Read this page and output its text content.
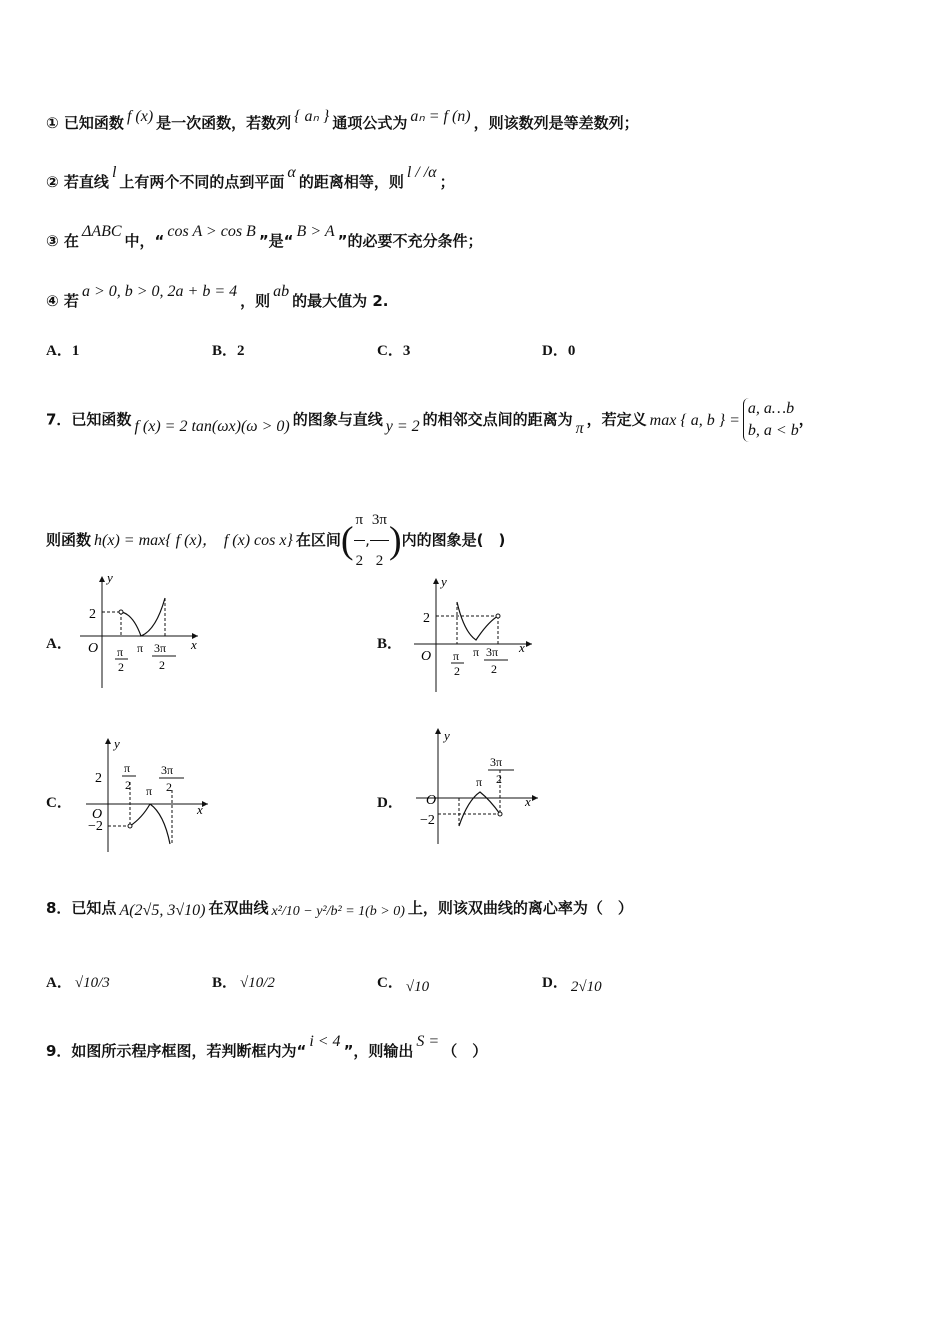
① 已知函数 f (x) 是一次函数，若数列 { aₙ } 通项公式为 aₙ = f (n) ，则该数列是等差数列；
② 若直线l上有两个不同的点到平面α的距离相等，则l / /α；
③ 在ΔABC中，“cos A > cos B”是“B > A”的必要不充分条件；
④ 若a > 0, b > 0, 2a + b = 4，则ab的最大值为 2.
A．1	B．2	C．3	D．0
7．已知函数 f (x) = 2 tan(ωx)(ω > 0) 的图象与直线 y = 2 的相邻交点间的距离为 π ，若定义 max { a, b } =
a, a…b
b, a < b
，
则函数 h(x) = max{ f (x)， f (x) cos x} 在区间( $\frac{\pi}{2}$ , $\frac{3\pi}{2}$ )内的图象是(　)
A．
y
x
O
2
π
2
π 3π
2
B．
y
x
O
2
π
2
π 3π
2
C．
y
x
O
2
−2
π
2 π
3π
2
D．
y
x
O
−2
π
3π
2
8．已知点 A(2√5, 3√10) 在双曲线 x²/10 − y²/b² = 1(b > 0) 上，则该双曲线的离心率为（　）
A． √10/3	B． √10/2	C． √10	D． 2√10
9．如图所示程序框图，若判断框内为“i < 4”，则输出S =（　）
